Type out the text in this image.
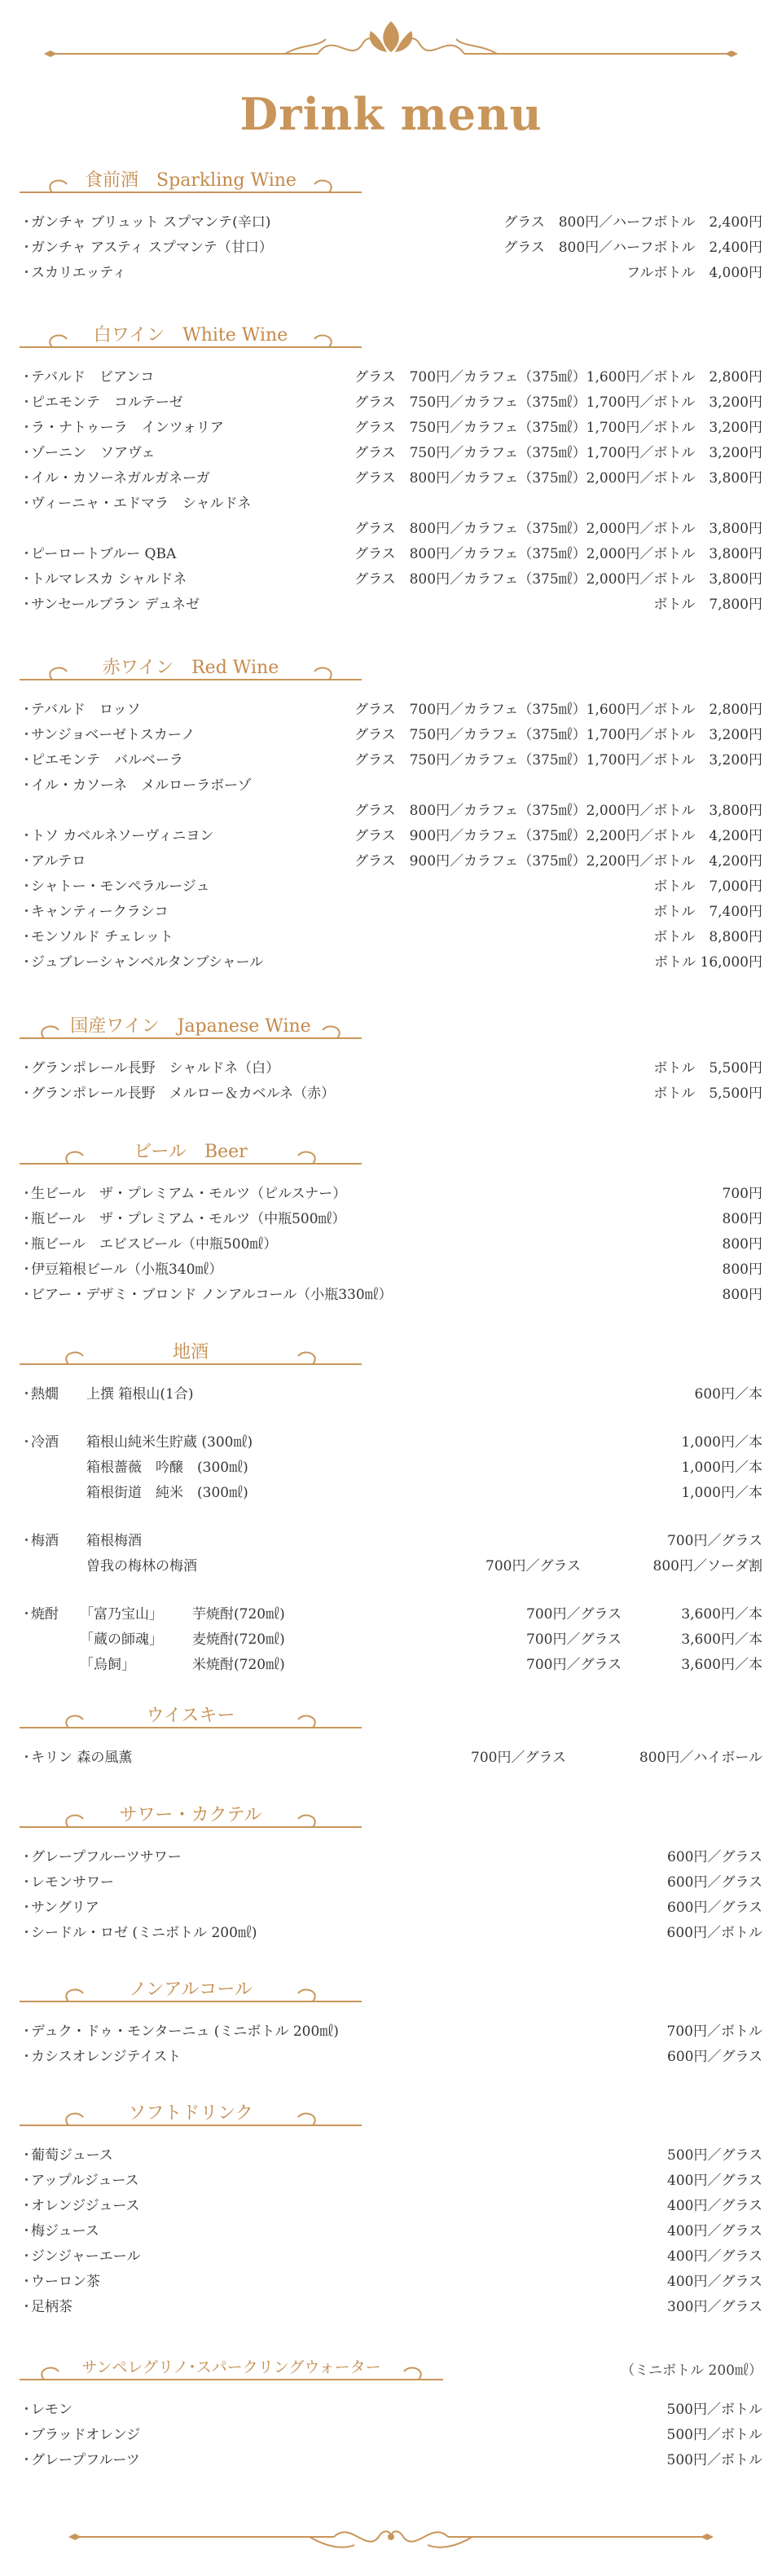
Drink menu
食前酒　Sparkling Wine
・
ガンチャ ブリュット スプマンテ(辛口)	グラス　800円／ハーフボトル　2,400円
・
ガンチャ アスティ スプマンテ（甘口）	グラス　800円／ハーフボトル　2,400円
・
スカリエッティ	フルボトル　4,000円
白ワイン　White Wine
・
テバルド　ビアンコ	グラス　700円／カラフェ（375㎖）1,600円／ボトル　2,800円
・
ピエモンテ　コルテーゼ	グラス　750円／カラフェ（375㎖）1,700円／ボトル　3,200円
・
ラ・ナトゥーラ　インツォリア	グラス　750円／カラフェ（375㎖）1,700円／ボトル　3,200円
・
ゾーニン　ソアヴェ	グラス　750円／カラフェ（375㎖）1,700円／ボトル　3,200円
・
イル・カソーネガルガネーガ	グラス　800円／カラフェ（375㎖）2,000円／ボトル　3,800円
・
ヴィーニャ・エドマラ　シャルドネ
グラス　800円／カラフェ（375㎖）2,000円／ボトル　3,800円
・
ピーロートブルー QBA	グラス　800円／カラフェ（375㎖）2,000円／ボトル　3,800円
・
トルマレスカ シャルドネ	グラス　800円／カラフェ（375㎖）2,000円／ボトル　3,800円
・
サンセールブラン デュネゼ	ボトル　7,800円
赤ワイン　Red Wine
・
テバルド　ロッソ	グラス　700円／カラフェ（375㎖）1,600円／ボトル　2,800円
・
サンジョベーゼトスカーノ	グラス　750円／カラフェ（375㎖）1,700円／ボトル　3,200円
・
ピエモンテ　バルベーラ	グラス　750円／カラフェ（375㎖）1,700円／ボトル　3,200円
・
イル・カソーネ　メルローラボーゾ
グラス　800円／カラフェ（375㎖）2,000円／ボトル　3,800円
・
トソ カベルネソーヴィニヨン	グラス　900円／カラフェ（375㎖）2,200円／ボトル　4,200円
・
アルテロ	グラス　900円／カラフェ（375㎖）2,200円／ボトル　4,200円
・
シャトー・モンペラルージュ	ボトル　7,000円
・
キャンティークラシコ	ボトル　7,400円
・
モンソルド チェレット	ボトル　8,800円
・
ジュブレーシャンベルタンブシャール	ボトル 16,000円
国産ワイン　Japanese Wine
・
グランポレール長野　シャルドネ（白）	ボトル　5,500円
・
グランポレール長野　メルロー＆カベルネ（赤）	ボトル　5,500円
ビール　Beer
・
生ビール　ザ・プレミアム・モルツ（ピルスナー）	700円
・
瓶ビール　ザ・プレミアム・モルツ（中瓶500㎖）	800円
・
瓶ビール　エビスビール（中瓶500㎖）	800円
・
伊豆箱根ビール（小瓶340㎖）	800円
・
ビアー・デザミ・ブロンド ノンアルコール（小瓶330㎖）	800円
地酒
・
熱燗 上撰 箱根山(1合)	600円／本
・
冷酒 箱根山純米生貯蔵 (300㎖)	1,000円／本
箱根薔薇　吟醸　(300㎖)	1,000円／本
箱根街道　純米　(300㎖)	1,000円／本
・
梅酒 箱根梅酒	700円／グラス
曽我の梅林の梅酒	700円／グラス	800円／ソーダ割
・
焼酎 「富乃宝山」 芋焼酎(720㎖)	700円／グラス	3,600円／本
「蔵の師魂」 麦焼酎(720㎖)	700円／グラス	3,600円／本
「烏飼」	米焼酎(720㎖)	700円／グラス	3,600円／本
ウイスキー
・
キリン 森の風薫	700円／グラス	800円／ハイボール
サワー・カクテル
・
グレープフルーツサワー	600円／グラス
・
レモンサワー	600円／グラス
・
サングリア	600円／グラス
・
シードル・ロゼ (ミニボトル 200㎖)	600円／ボトル
ノンアルコール
・
デュク・ドゥ・モンターニュ (ミニボトル 200㎖)	700円／ボトル
・
カシスオレンジテイスト	600円／グラス
ソフトドリンク
・
葡萄ジュース	500円／グラス
・
アップルジュース	400円／グラス
・
オレンジジュース	400円／グラス
・
梅ジュース	400円／グラス
・
ジンジャーエール	400円／グラス
・
ウーロン茶	400円／グラス
・
足柄茶	300円／グラス
サンペレグリノ･スパークリングウォーター	（ミニボトル 200㎖）
・
レモン	500円／ボトル
・
ブラッドオレンジ	500円／ボトル
・
グレープフルーツ	500円／ボトル
